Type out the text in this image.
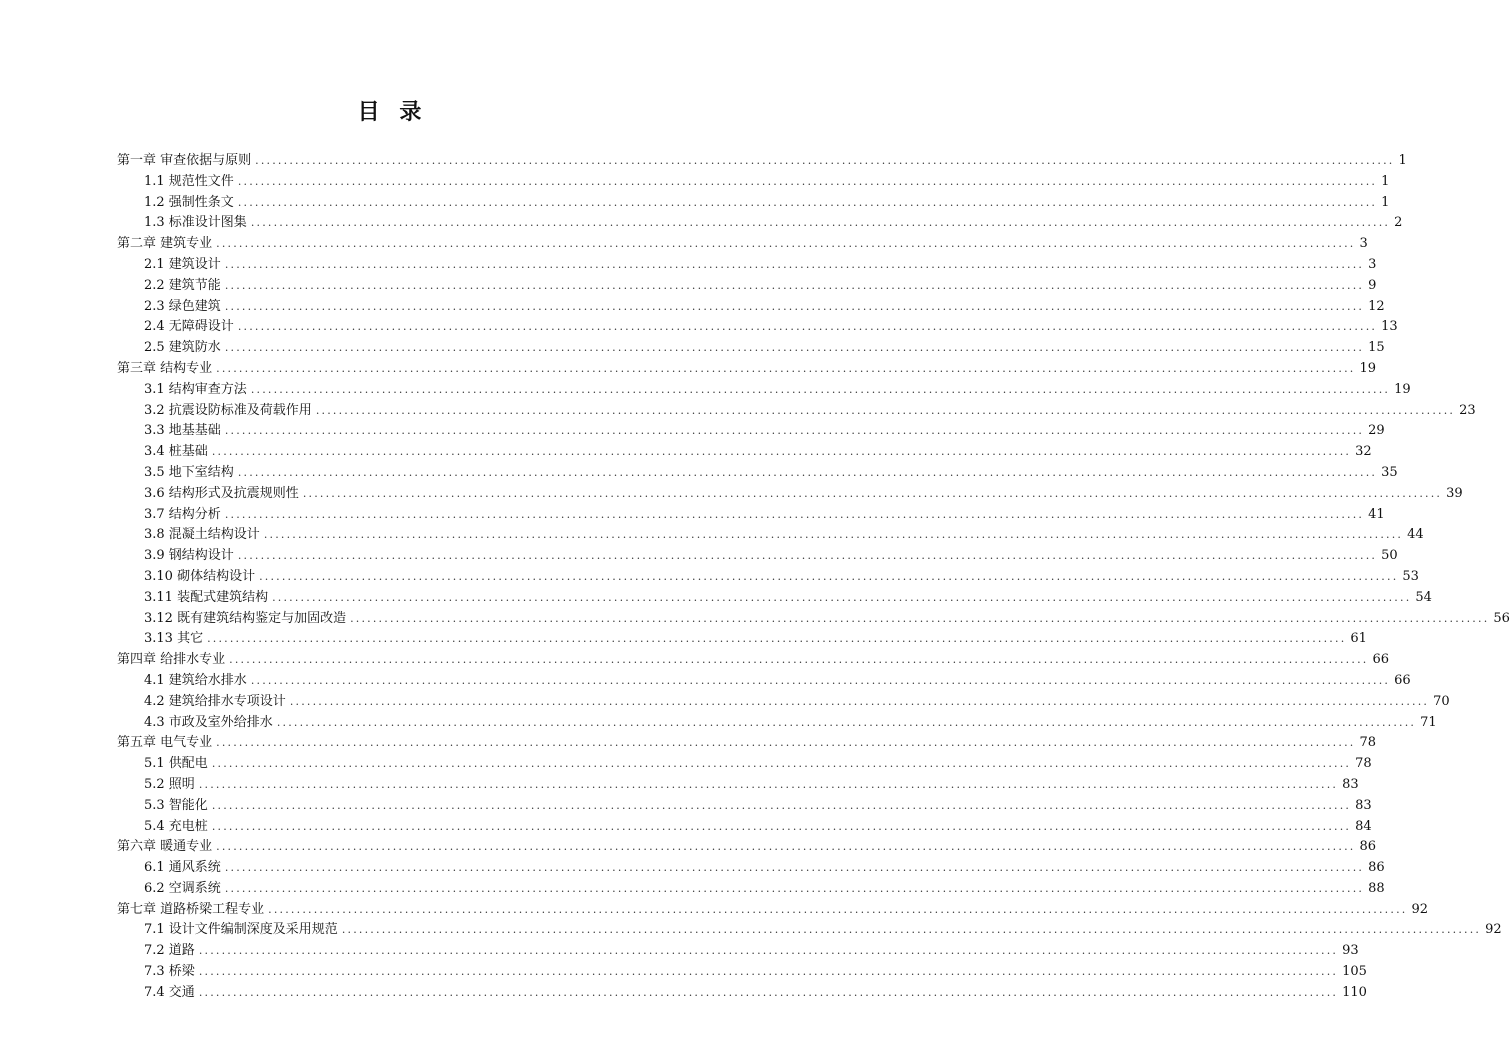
目 录
第一章 审查依据与原则 ........................................................................................................................................................................................................ 1
1.1 规范性文件 ........................................................................................................................................................................................................ 1
1.2 强制性条文 ........................................................................................................................................................................................................ 1
1.3 标准设计图集 ........................................................................................................................................................................................................ 2
第二章 建筑专业 ........................................................................................................................................................................................................ 3
2.1 建筑设计 ........................................................................................................................................................................................................ 3
2.2 建筑节能 ........................................................................................................................................................................................................ 9
2.3 绿色建筑 ........................................................................................................................................................................................................ 12
2.4 无障碍设计 ........................................................................................................................................................................................................ 13
2.5 建筑防水 ........................................................................................................................................................................................................ 15
第三章 结构专业 ........................................................................................................................................................................................................ 19
3.1 结构审查方法 ........................................................................................................................................................................................................ 19
3.2 抗震设防标准及荷载作用 ........................................................................................................................................................................................................ 23
3.3 地基基础 ........................................................................................................................................................................................................ 29
3.4 桩基础 ........................................................................................................................................................................................................ 32
3.5 地下室结构 ........................................................................................................................................................................................................ 35
3.6 结构形式及抗震规则性 ........................................................................................................................................................................................................ 39
3.7 结构分析 ........................................................................................................................................................................................................ 41
3.8 混凝土结构设计 ........................................................................................................................................................................................................ 44
3.9 钢结构设计 ........................................................................................................................................................................................................ 50
3.10 砌体结构设计 ........................................................................................................................................................................................................ 53
3.11 装配式建筑结构 ........................................................................................................................................................................................................ 54
3.12 既有建筑结构鉴定与加固改造 ........................................................................................................................................................................................................ 56
3.13 其它 ........................................................................................................................................................................................................ 61
第四章 给排水专业 ........................................................................................................................................................................................................ 66
4.1 建筑给水排水 ........................................................................................................................................................................................................ 66
4.2 建筑给排水专项设计 ........................................................................................................................................................................................................ 70
4.3 市政及室外给排水 ........................................................................................................................................................................................................ 71
第五章 电气专业 ........................................................................................................................................................................................................ 78
5.1 供配电 ........................................................................................................................................................................................................ 78
5.2 照明 ........................................................................................................................................................................................................ 83
5.3 智能化 ........................................................................................................................................................................................................ 83
5.4 充电桩 ........................................................................................................................................................................................................ 84
第六章 暖通专业 ........................................................................................................................................................................................................ 86
6.1 通风系统 ........................................................................................................................................................................................................ 86
6.2 空调系统 ........................................................................................................................................................................................................ 88
第七章 道路桥梁工程专业 ........................................................................................................................................................................................................ 92
7.1 设计文件编制深度及采用规范 ........................................................................................................................................................................................................ 92
7.2 道路 ........................................................................................................................................................................................................ 93
7.3 桥梁 ........................................................................................................................................................................................................ 105
7.4 交通 ........................................................................................................................................................................................................ 110
